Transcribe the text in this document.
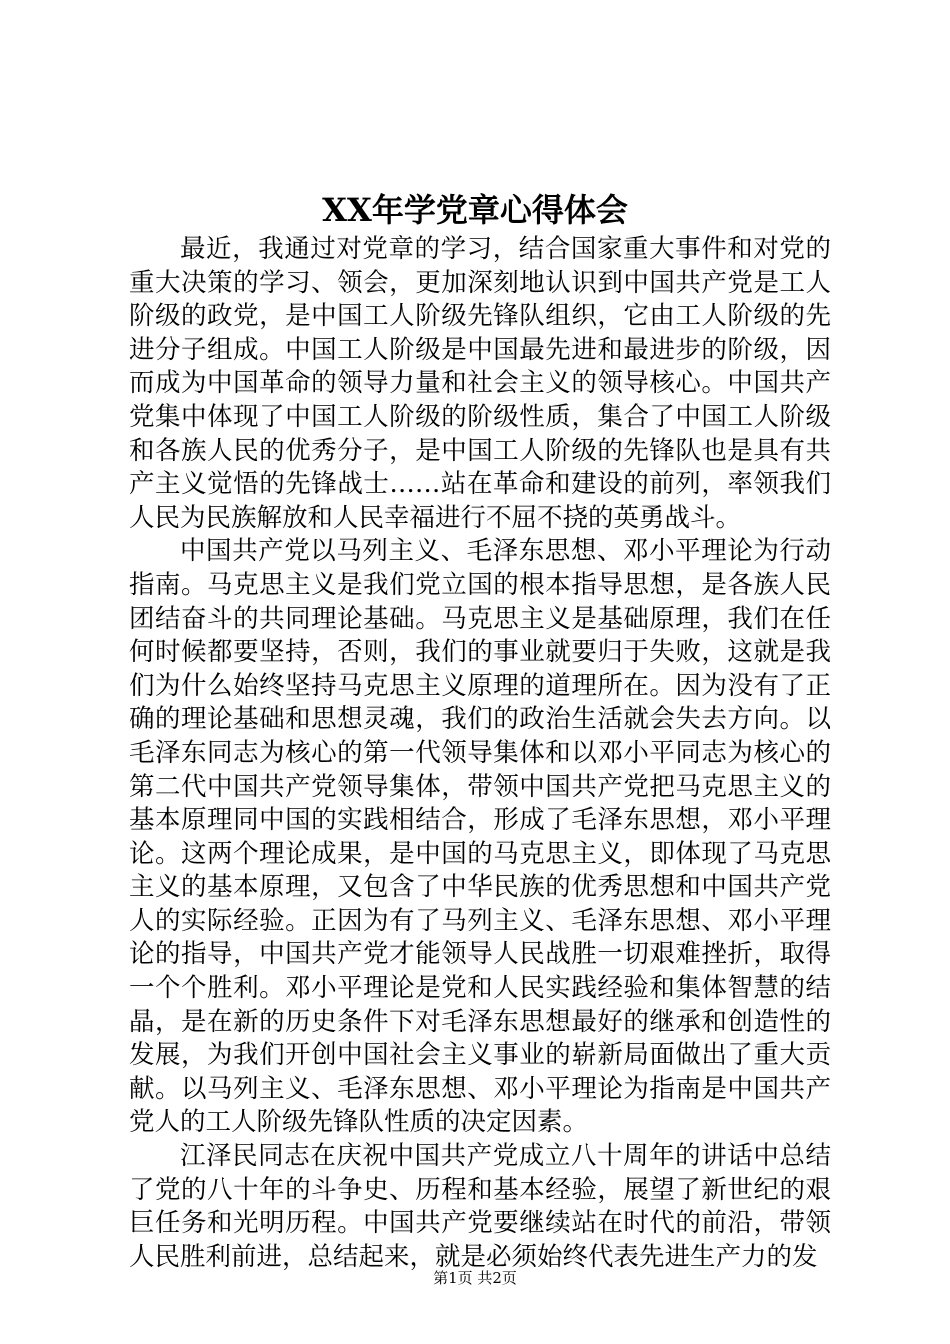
XX年学党章心得体会

最近，我通过对党章的学习，结合国家重大事件和对党的重大决策的学习、领会，更加深刻地认识到中国共产党是工人阶级的政党，是中国工人阶级先锋队组织，它由工人阶级的先进分子组成。中国工人阶级是中国最先进和最进步的阶级，因而成为中国革命的领导力量和社会主义的领导核心。中国共产党集中体现了中国工人阶级的阶级性质，集合了中国工人阶级和各族人民的优秀分子，是中国工人阶级的先锋队也是具有共产主义觉悟的先锋战士……站在革命和建设的前列，率领我们人民为民族解放和人民幸福进行不屈不挠的英勇战斗。

中国共产党以马列主义、毛泽东思想、邓小平理论为行动指南。马克思主义是我们党立国的根本指导思想，是各族人民团结奋斗的共同理论基础。马克思主义是基础原理，我们在任何时候都要坚持，否则，我们的事业就要归于失败，这就是我们为什么始终坚持马克思主义原理的道理所在。因为没有了正确的理论基础和思想灵魂，我们的政治生活就会失去方向。以毛泽东同志为核心的第一代领导集体和以邓小平同志为核心的第二代中国共产党领导集体，带领中国共产党把马克思主义的基本原理同中国的实践相结合，形成了毛泽东思想，邓小平理论。这两个理论成果，是中国的马克思主义，即体现了马克思主义的基本原理，又包含了中华民族的优秀思想和中国共产党人的实际经验。正因为有了马列主义、毛泽东思想、邓小平理论的指导，中国共产党才能领导人民战胜一切艰难挫折，取得一个个胜利。邓小平理论是党和人民实践经验和集体智慧的结晶，是在新的历史条件下对毛泽东思想最好的继承和创造性的发展，为我们开创中国社会主义事业的崭新局面做出了重大贡献。以马列主义、毛泽东思想、邓小平理论为指南是中国共产党人的工人阶级先锋队性质的决定因素。

江泽民同志在庆祝中国共产党成立八十周年的讲话中总结了党的八十年的斗争史、历程和基本经验，展望了新世纪的艰巨任务和光明历程。中国共产党要继续站在时代的前沿，带领人民胜利前进，总结起来，就是必须始终代表先进生产力的发

第1页 共2页
